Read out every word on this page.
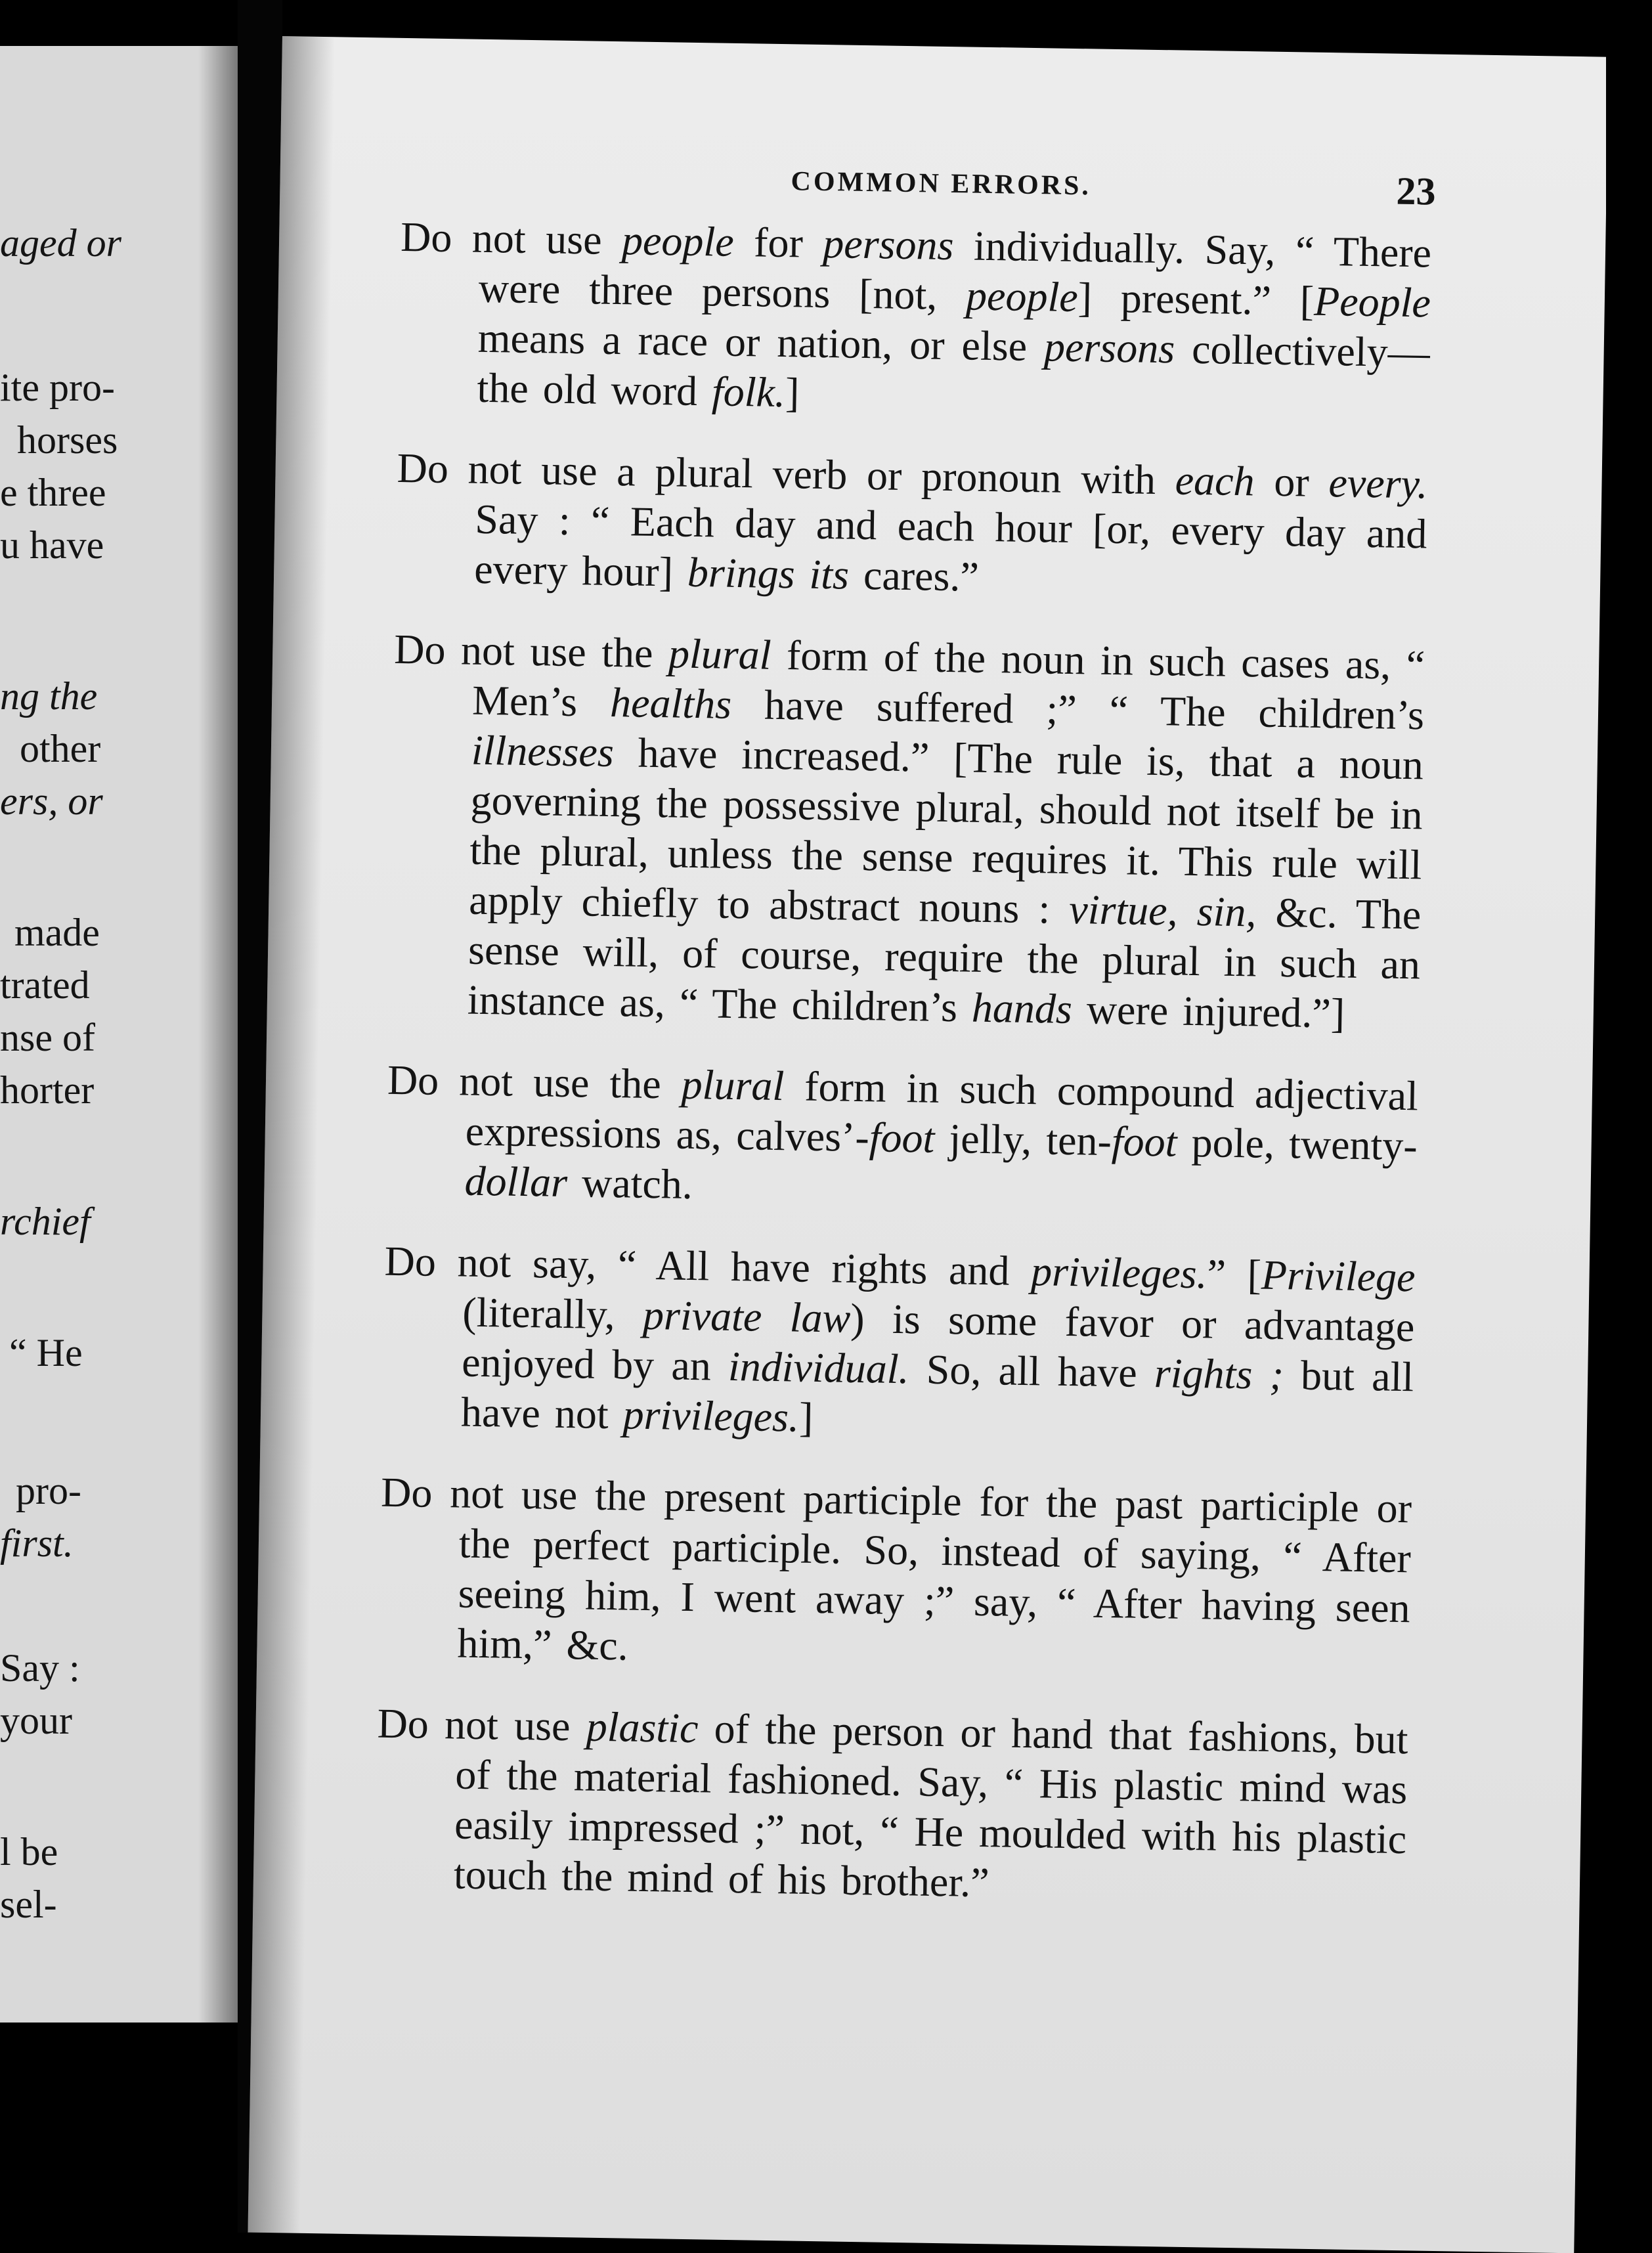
aged or
ite pro-
horses
e three
u have
ng the
other
ers, or
made
trated
nse of
horter
rchief
“ He
pro-
first.
Say :
your
l be
sel-
COMMON ERRORS.	23

Do not use people for persons individually. Say, “ There were three persons [not, people] present.” [People means a race or nation, or else persons collectively—the old word folk.]

Do not use a plural verb or pronoun with each or every. Say : “ Each day and each hour [or, every day and every hour] brings its cares.”

Do not use the plural form of the noun in such cases as, “ Men’s healths have suffered ;” “ The children’s illnesses have increased.” [The rule is, that a noun governing the possessive plural, should not itself be in the plural, unless the sense requires it. This rule will apply chiefly to abstract nouns : virtue, sin, &c. The sense will, of course, require the plural in such an instance as, “ The children’s hands were injured.”]

Do not use the plural form in such compound adjectival expressions as, calves’-foot jelly, ten-foot pole, twenty-dollar watch.

Do not say, “ All have rights and privileges.” [Privilege (literally, private law) is some favor or advantage enjoyed by an individual. So, all have rights ; but all have not privileges.]

Do not use the present participle for the past participle or the perfect participle. So, instead of saying, “ After seeing him, I went away ;” say, “ After having seen him,” &c.

Do not use plastic of the person or hand that fashions, but of the material fashioned. Say, “ His plastic mind was easily impressed ;” not, “ He moulded with his plastic touch the mind of his brother.”
